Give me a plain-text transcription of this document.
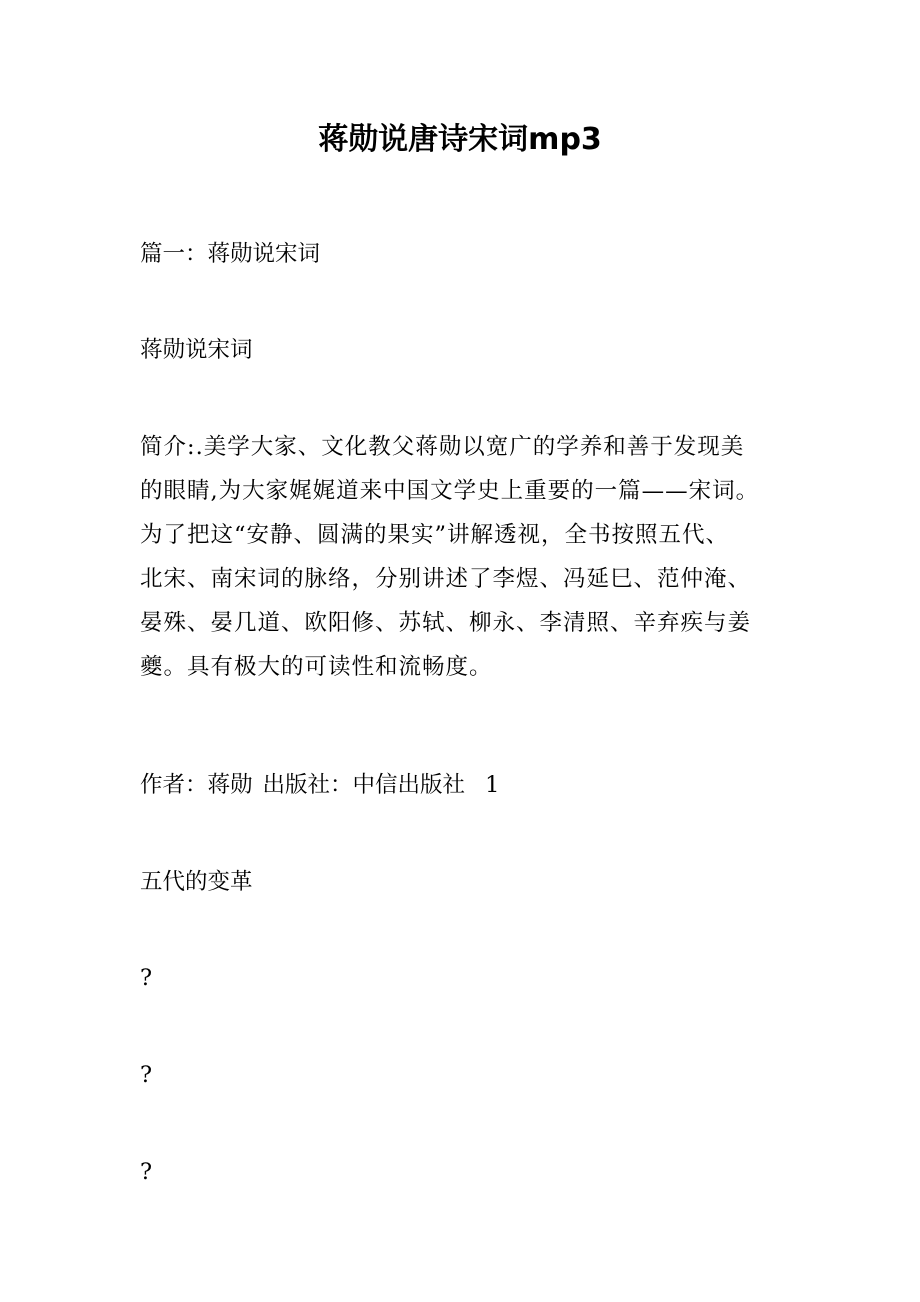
蒋勋说唐诗宋词mp3

篇一：蒋勋说宋词

蒋勋说宋词

简介:.美学大家、文化教父蒋勋以宽广的学养和善于发现美
的眼睛,为大家娓娓道来中国文学史上重要的一篇——宋词。
为了把这“安静、圆满的果实”讲解透视，全书按照五代、
北宋、南宋词的脉络，分别讲述了李煜、冯延巳、范仲淹、
晏殊、晏几道、欧阳修、苏轼、柳永、李清照、辛弃疾与姜
夔。具有极大的可读性和流畅度。

作者：蒋勋 出版社：中信出版社 1

五代的变革

?

?

?
